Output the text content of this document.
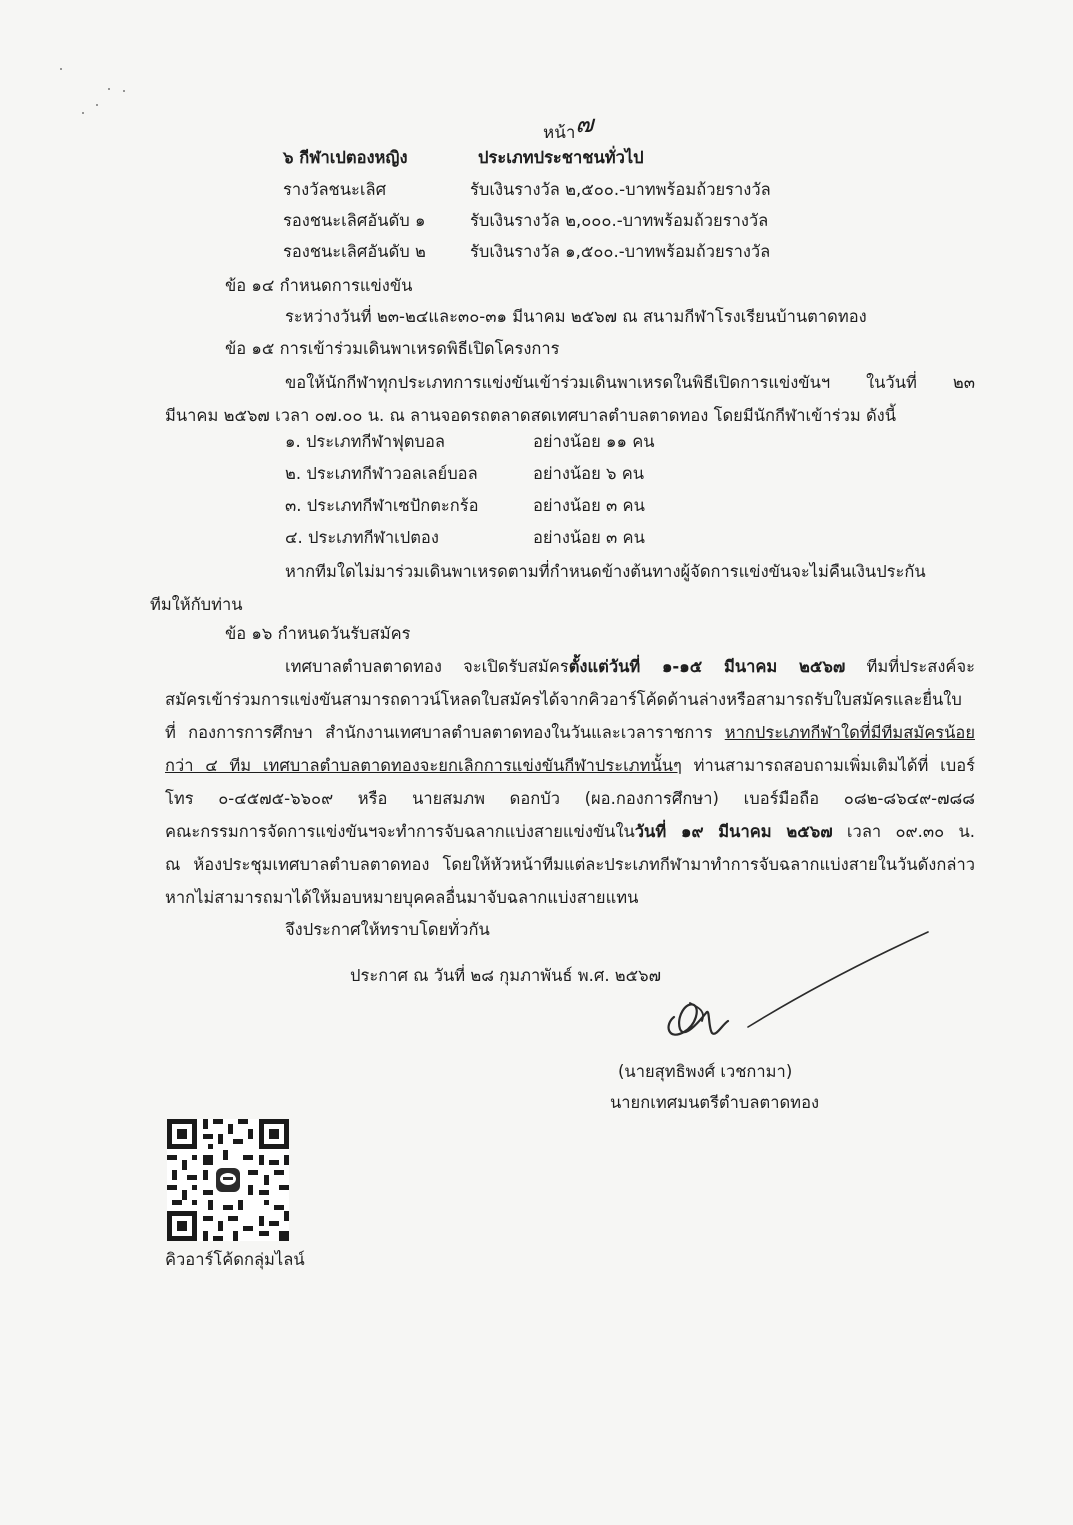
หน้า๗
๖ กีฬาเปตองหญิง	ประเภทประชาชนทั่วไป
รางวัลชนะเลิศ	รับเงินรางวัล ๒,๕๐๐.-บาทพร้อมถ้วยรางวัล
รองชนะเลิศอันดับ ๑	รับเงินรางวัล ๒,๐๐๐.-บาทพร้อมถ้วยรางวัล
รองชนะเลิศอันดับ ๒	รับเงินรางวัล ๑,๕๐๐.-บาทพร้อมถ้วยรางวัล
ข้อ ๑๔ กำหนดการแข่งขัน
ระหว่างวันที่ ๒๓-๒๔และ๓๐-๓๑ มีนาคม ๒๕๖๗ ณ สนามกีฬาโรงเรียนบ้านตาดทอง
ข้อ ๑๕ การเข้าร่วมเดินพาเหรดพิธีเปิดโครงการ
ขอให้นักกีฬาทุกประเภทการแข่งขันเข้าร่วมเดินพาเหรดในพิธีเปิดการแข่งขันฯ ในวันที่ ๒๓
มีนาคม ๒๕๖๗ เวลา ๐๗.๐๐ น. ณ ลานจอดรถตลาดสดเทศบาลตำบลตาดทอง โดยมีนักกีฬาเข้าร่วม ดังนี้
๑. ประเภทกีฬาฟุตบอล	อย่างน้อย ๑๑ คน
๒. ประเภทกีฬาวอลเลย์บอล	อย่างน้อย ๖ คน
๓. ประเภทกีฬาเซปักตะกร้อ	อย่างน้อย ๓ คน
๔. ประเภทกีฬาเปตอง	อย่างน้อย ๓ คน
หากทีมใดไม่มาร่วมเดินพาเหรดตามที่กำหนดข้างต้นทางผู้จัดการแข่งขันจะไม่คืนเงินประกัน
ทีมให้กับท่าน
ข้อ ๑๖ กำหนดวันรับสมัคร
เทศบาลตำบลตาดทอง จะเปิดรับสมัครตั้งแต่วันที่ ๑-๑๕ มีนาคม ๒๕๖๗ ทีมที่ประสงค์จะ
สมัครเข้าร่วมการแข่งขันสามารถดาวน์โหลดใบสมัครได้จากคิวอาร์โค้ดด้านล่างหรือสามารถรับใบสมัครและยื่นใบ
ที่ กองการการศึกษา สำนักงานเทศบาลตำบลตาดทองในวันและเวลาราชการ หากประเภทกีฬาใดที่มีทีมสมัครน้อย
กว่า ๔ ทีม เทศบาลตำบลตาดทองจะยกเลิกการแข่งขันกีฬาประเภทนั้นๆ ท่านสามารถสอบถามเพิ่มเติมได้ที่ เบอร์
โทร ๐-๔๕๗๕-๖๖๐๙ หรือ นายสมภพ ดอกบัว (ผอ.กองการศึกษา) เบอร์มือถือ ๐๘๒-๘๖๔๙-๗๘๘
คณะกรรมการจัดการแข่งขันฯจะทำการจับฉลากแบ่งสายแข่งขันในวันที่ ๑๙ มีนาคม ๒๕๖๗ เวลา ๐๙.๓๐ น.
ณ ห้องประชุมเทศบาลตำบลตาดทอง โดยให้หัวหน้าทีมแต่ละประเภทกีฬามาทำการจับฉลากแบ่งสายในวันดังกล่าว
หากไม่สามารถมาได้ให้มอบหมายบุคคลอื่นมาจับฉลากแบ่งสายแทน
จึงประกาศให้ทราบโดยทั่วกัน
ประกาศ ณ วันที่ ๒๘ กุมภาพันธ์ พ.ศ. ๒๕๖๗
(นายสุทธิพงศ์ เวชกามา)
นายกเทศมนตรีตำบลตาดทอง
คิวอาร์โค้ดกลุ่มไลน์
